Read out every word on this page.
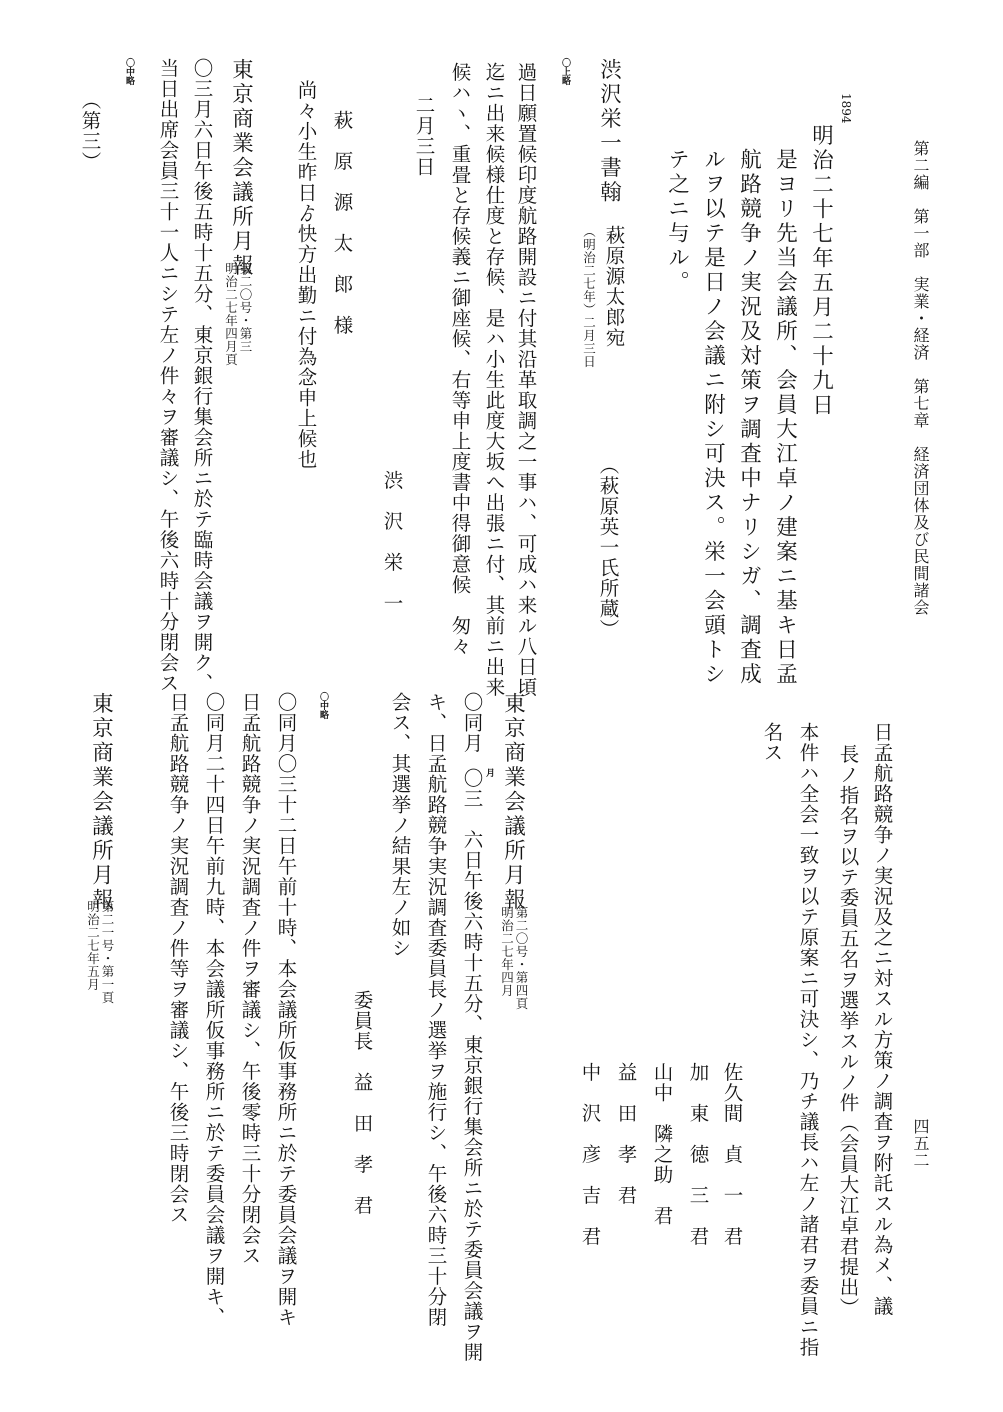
第二編　第一部　実業・経済　第七章　経済団体及び民間諸会
四五二
1894
明治二十七年五月二十九日
是ヨリ先当会議所、会員大江卓ノ建案ニ基キ日孟
航路競争ノ実況及対策ヲ調査中ナリシガ、調査成
ルヲ以テ是日ノ会議ニ附シ可決ス。栄一会頭トシ
テ之ニ与ル。
渋沢栄一書翰
萩原源太郎宛
（明治二七年）二月三日
（萩原英一氏所蔵）
〇上略
過日願置候印度航路開設ニ付其沿革取調之一事ハ、可成ハ来ル八日頃
迄ニ出来候様仕度と存候、是ハ小生此度大坂へ出張ニ付、其前ニ出来
候ハヽ、重畳と存候義ニ御座候、右等申上度書中得御意候　匆々
二月三日
渋　沢　栄　一
萩　原　源　太　郎　様
尚々小生昨日ゟ快方出勤ニ付為念申上候也
東京商業会議所月報
第二〇号・第三
明治二七年四月頁
〇三月六日午後五時十五分、東京銀行集会所ニ於テ臨時会議ヲ開ク、
当日出席会員三十一人ニシテ左ノ件々ヲ審議シ、午後六時十分閉会ス
〇中略
（第三）
日孟航路競争ノ実況及之ニ対スル方策ノ調査ヲ附託スル為メ、議
長ノ指名ヲ以テ委員五名ヲ選挙スルノ件（会員大江卓君提出）
本件ハ全会一致ヲ以テ原案ニ可決シ、乃チ議長ハ左ノ諸君ヲ委員ニ指
名ス
佐久間　貞　一　君
加　東　徳　三　君
山中　隣之助　君
益　田　孝　君
中　沢　彦　吉　君
東京商業会議所月報
第二〇号・第四頁
明治二七年四月
〇同月
〇三　六日午後六時十五分、東京銀行集会所ニ於テ委員会議ヲ開 月
キ、日孟航路競争実況調査委員長ノ選挙ヲ施行シ、午後六時三十分閉
会ス、其選挙ノ結果左ノ如シ
委員長　益　田　孝　君
〇中略
〇同月〇三十二日午前十時、本会議所仮事務所ニ於テ委員会議ヲ開キ
日孟航路競争ノ実況調査ノ件ヲ審議シ、午後零時三十分閉会ス
〇同月二十四日午前九時、本会議所仮事務所ニ於テ委員会議ヲ開キ、
日孟航路競争ノ実況調査ノ件等ヲ審議シ、午後三時閉会ス
東京商業会議所月報
第二一号・第一頁
明治二七年五月
